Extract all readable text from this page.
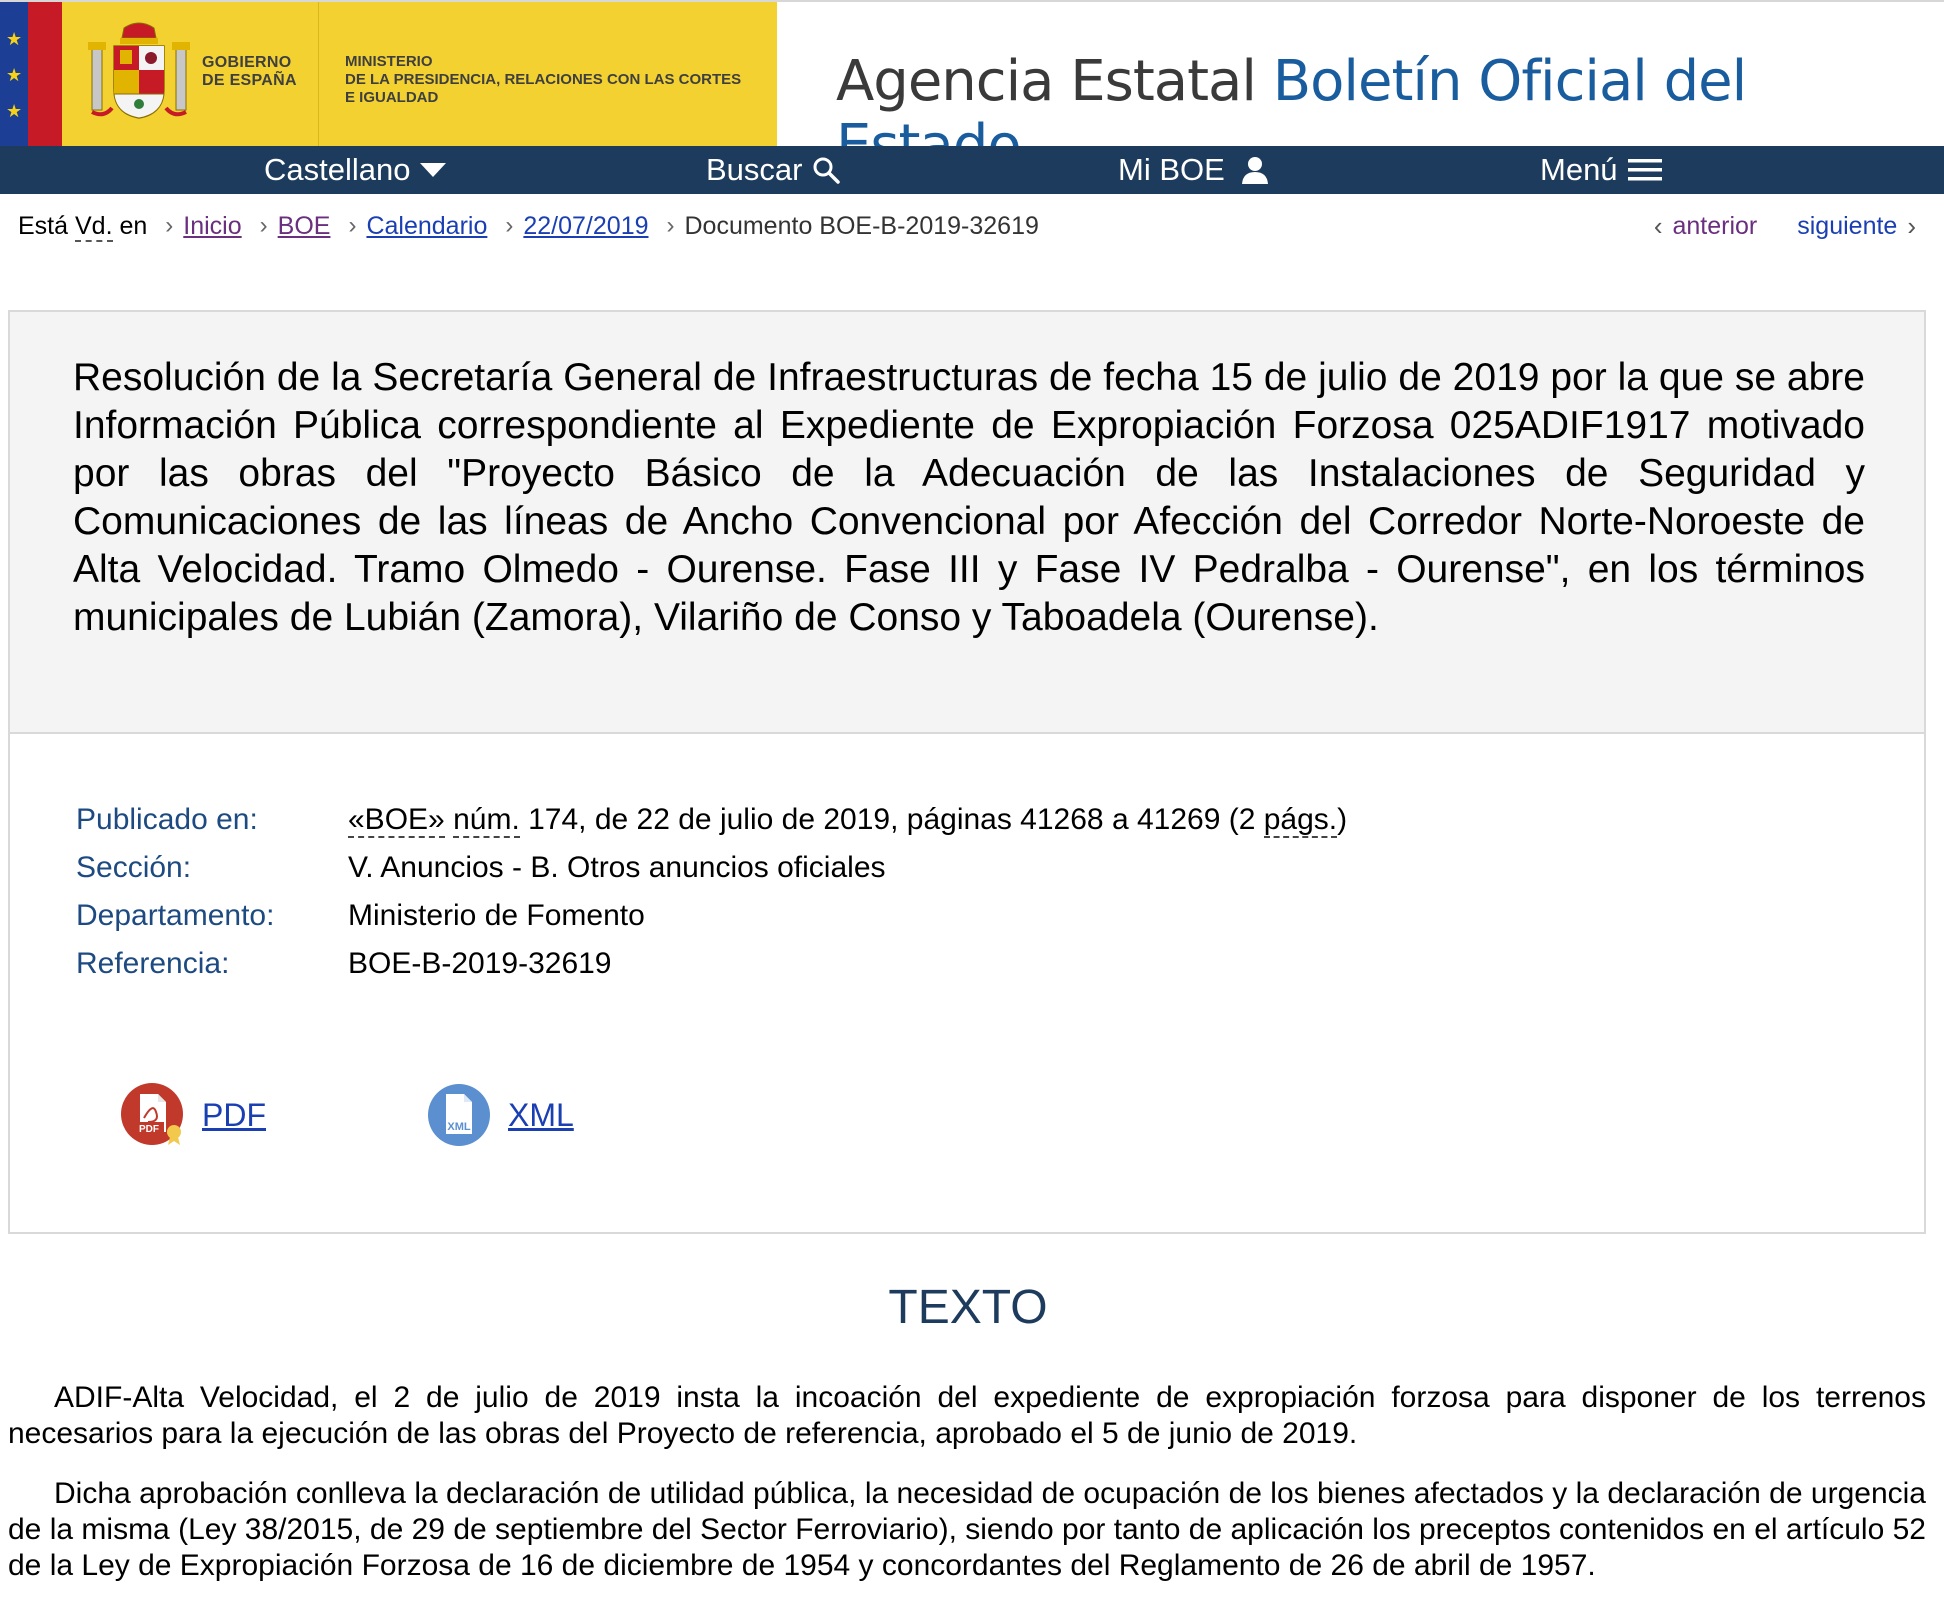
★
★
★
GOBIERNO
DE ESPAÑA
MINISTERIO
DE LA PRESIDENCIA, RELACIONES CON LAS CORTES
E IGUALDAD	Agencia Estatal Boletín Oficial del
Castellano	Buscar	Mi BOE	Menú
Está Vd. en › Inicio › BOE › Calendario › 22/07/2019 › Documento BOE-B-2019-32619	‹ anterior siguiente ›
Resolución de la Secretaría General de Infraestructuras de fecha 15 de julio de 2019 por la que se abre Información Pública correspondiente al Expediente de Expropiación Forzosa 025ADIF1917 motivado por las obras del "Proyecto Básico de la Adecuación de las Instalaciones de Seguridad y Comunicaciones de las líneas de Ancho Convencional por Afección del Corredor Norte-Noroeste de Alta Velocidad. Tramo Olmedo - Ourense. Fase III y Fase IV Pedralba - Ourense", en los términos municipales de Lubián (Zamora), Vilariño de Conso y Taboadela (Ourense).
Publicado en:	«BOE» núm. 174, de 22 de julio de 2019, páginas 41268 a 41269 (2 págs.)
Sección:	V. Anuncios - B. Otros anuncios oficiales
Departamento:	Ministerio de Fomento
Referencia:	BOE-B-2019-32619
PDF PDF	XML XML
TEXTO

ADIF-Alta Velocidad, el 2 de julio de 2019 insta la incoación del expediente de expropiación forzosa para disponer de los terrenos necesarios para la ejecución de las obras del Proyecto de referencia, aprobado el 5 de junio de 2019.

Dicha aprobación conlleva la declaración de utilidad pública, la necesidad de ocupación de los bienes afectados y la declaración de urgencia de la misma (Ley 38/2015, de 29 de septiembre del Sector Ferroviario), siendo por tanto de aplicación los preceptos contenidos en el artículo 52 de la Ley de Expropiación Forzosa de 16 de diciembre de 1954 y concordantes del Reglamento de 26 de abril de 1957.
